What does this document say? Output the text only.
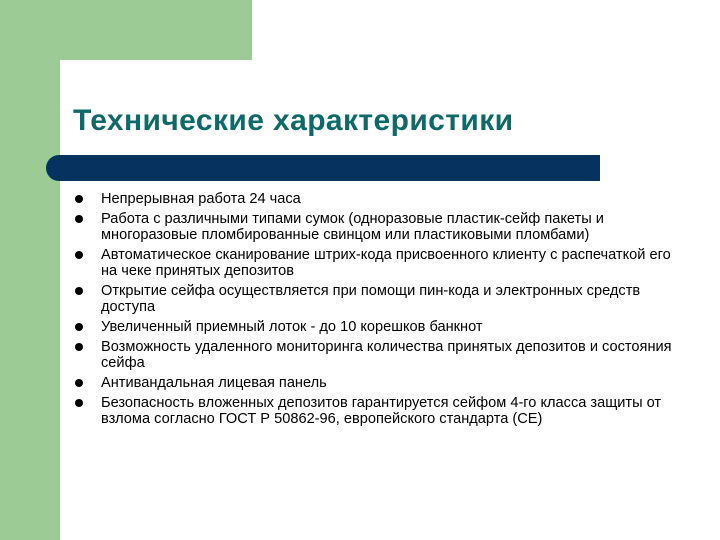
Технические характеристики
Непрерывная работа 24 часа
Работа с различными типами сумок (одноразовые пластик-сейф пакеты и многоразовые пломбированные свинцом или пластиковыми пломбами)
Автоматическое сканирование штрих-кода присвоенного клиенту с распечаткой его на чеке принятых депозитов
Открытие сейфа осуществляется при помощи пин-кода и электронных средств доступа
Увеличенный приемный лоток - до 10 корешков банкнот
Возможность удаленного мониторинга количества принятых депозитов и состояния сейфа
Антивандальная лицевая панель
Безопасность вложенных депозитов гарантируется сейфом 4-го класса защиты от взлома согласно ГОСТ Р 50862-96, европейского стандарта (CE)
